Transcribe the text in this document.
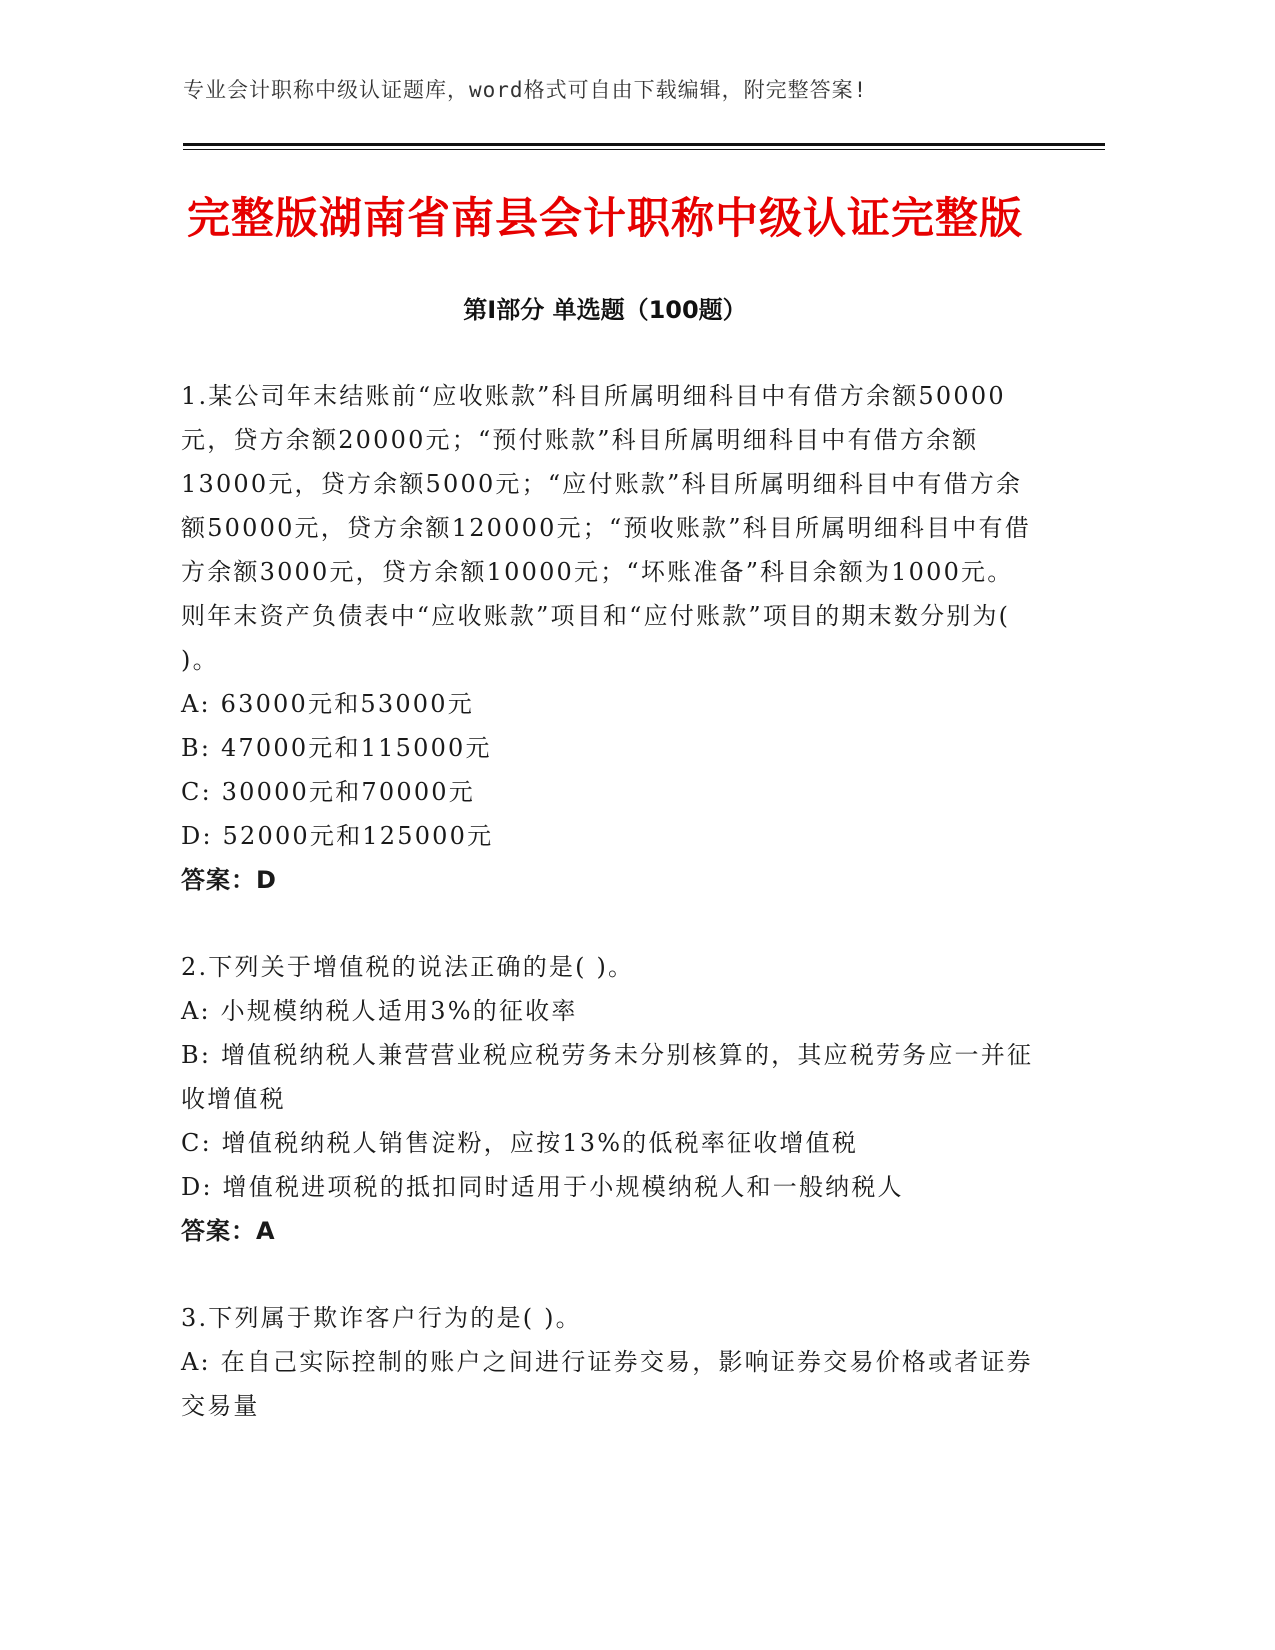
专业会计职称中级认证题库，word格式可自由下载编辑，附完整答案!
完整版湖南省南县会计职称中级认证完整版
第I部分 单选题（100题）

1.某公司年末结账前“应收账款”科目所属明细科目中有借方余额50000元，贷方余额20000元；“预付账款”科目所属明细科目中有借方余额13000元，贷方余额5000元；“应付账款”科目所属明细科目中有借方余额50000元，贷方余额120000元；“预收账款”科目所属明细科目中有借方余额3000元，贷方余额10000元；“坏账准备”科目余额为1000元。则年末资产负债表中“应收账款”项目和“应付账款”项目的期末数分别为( )。

A: 63000元和53000元

B: 47000元和115000元

C: 30000元和70000元

D: 52000元和125000元

答案：D

2.下列关于增值税的说法正确的是( )。

A: 小规模纳税人适用3%的征收率

B: 增值税纳税人兼营营业税应税劳务未分别核算的，其应税劳务应一并征收增值税

C: 增值税纳税人销售淀粉，应按13%的低税率征收增值税

D: 增值税进项税的抵扣同时适用于小规模纳税人和一般纳税人

答案：A

3.下列属于欺诈客户行为的是( )。

A: 在自己实际控制的账户之间进行证券交易，影响证券交易价格或者证券交易量
